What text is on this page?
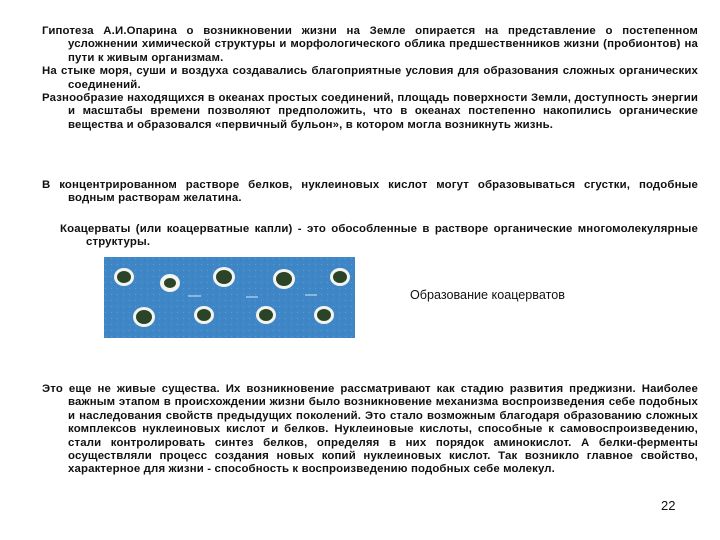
Гипотеза А.И.Опарина о возникновении жизни на Земле опирается на представление о постепенном усложнении химической структуры и морфологического облика предшественников жизни (пробионтов) на пути к живым организмам.
На стыке моря, суши и воздуха создавались благоприятные условия для образования сложных органических соединений.
Разнообразие находящихся в океанах простых соединений, площадь поверхности Земли, доступность энергии и масштабы времени позволяют предположить, что в океанах постепенно накопились органические вещества и образовался «первичный бульон», в котором могла возникнуть жизнь.

В концентрированном растворе белков, нуклеиновых кислот могут образовываться сгустки, подобные водным растворам желатина.

Коацерваты (или коацерватные капли) - это обособленные в растворе органические многомолекулярные структуры.

Образование коацерватов

Это еще не живые существа. Их возникновение рассматривают как стадию развития преджизни. Наиболее важным этапом в происхождении жизни было возникновение механизма воспроизведения себе подобных и наследования свойств предыдущих поколений. Это стало возможным благодаря образованию сложных комплексов нуклеиновых кислот и белков. Нуклеиновые кислоты, способные к самовоспроизведению, стали контролировать синтез белков, определяя в них порядок аминокислот. А белки-ферменты осуществляли процесс создания новых копий нуклеиновых кислот. Так возникло главное свойство, характерное для жизни - способность к воспроизведению подобных себе молекул.

22
